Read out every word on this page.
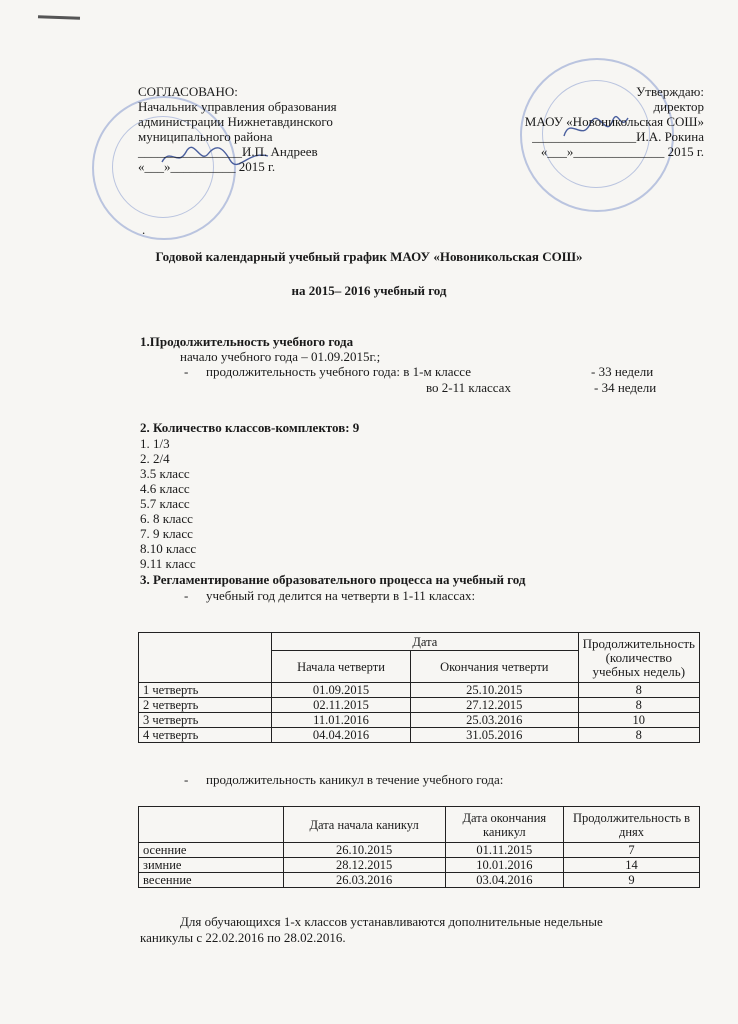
СОГЛАСОВАНО:
Начальник управления образования
администрации Нижнетавдинского
муниципального района
________________И.П. Андреев
«___»__________ 2015 г.
Утверждаю:
директор
МАОУ «Новоникольская СОШ»
________________И.А. Рокина
«___»______________ 2015 г.
.
Годовой календарный учебный график МАОУ «Новоникольская СОШ»
на 2015– 2016 учебный год
1.Продолжительность учебного года
начало учебного года – 01.09.2015г.;
- продолжительность учебного года: в 1-м классе	- 33 недели
во 2-11 классах	- 34 недели
2. Количество классов-комплектов: 9
1. 1/3
2. 2/4
3.5 класс
4.6 класс
5.7 класс
6. 8 класс
7. 9 класс
8.10 класс
9.11 класс
3. Регламентирование образовательного процесса на учебный год
- учебный год делится на четверти в 1-11 классах:
	Дата		Продолжительность (количество учебных недель)
	Начала четверти	Окончания четверти	
1 четверть	01.09.2015	25.10.2015	8
2 четверть	02.11.2015	27.12.2015	8
3 четверть	11.01.2016	25.03.2016	10
4 четверть	04.04.2016	31.05.2016	8
- продолжительность каникул в течение учебного года:
	Дата начала каникул	Дата окончания каникул	Продолжительность в днях
осенние	26.10.2015	01.11.2015	7
зимние	28.12.2015	10.01.2016	14
весенние	26.03.2016	03.04.2016	9
Для обучающихся 1-х классов устанавливаются дополнительные недельные
каникулы с 22.02.2016 по 28.02.2016.
